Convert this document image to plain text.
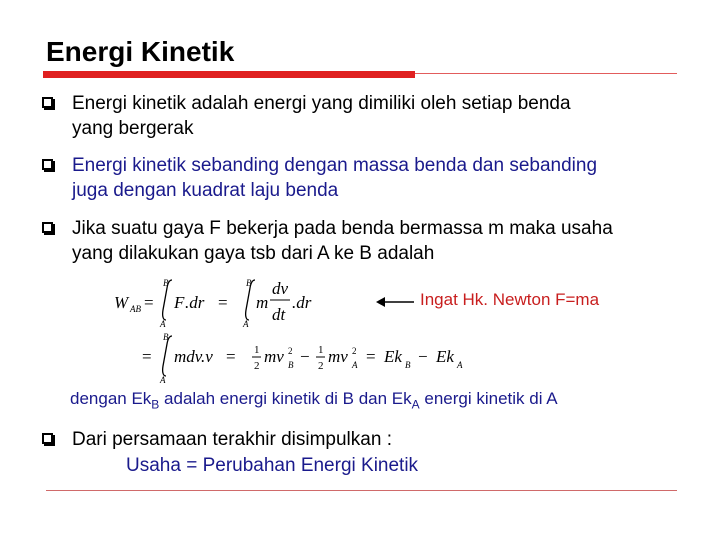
Energi Kinetik
Energi kinetik adalah energi yang dimiliki oleh setiap benda
yang bergerak
Energi kinetik sebanding dengan massa benda dan sebanding
juga dengan kuadrat laju benda
Jika suatu gaya F bekerja pada benda bermassa m maka usaha
yang dilakukan gaya tsb dari A ke B adalah
W AB =
B
A
F .dr =
B
A
m
dv
dt
.dr
=
B
A
mdv.v = 1
2 mv 2
B − 1
2 mv 2
A = Ek B − Ek A
Ingat Hk. Newton F=ma
dengan $Ek_B$ adalah energi kinetik di B dan $Ek_A$ energi kinetik di A
Dari persamaan terakhir disimpulkan :
Usaha = Perubahan Energi Kinetik
